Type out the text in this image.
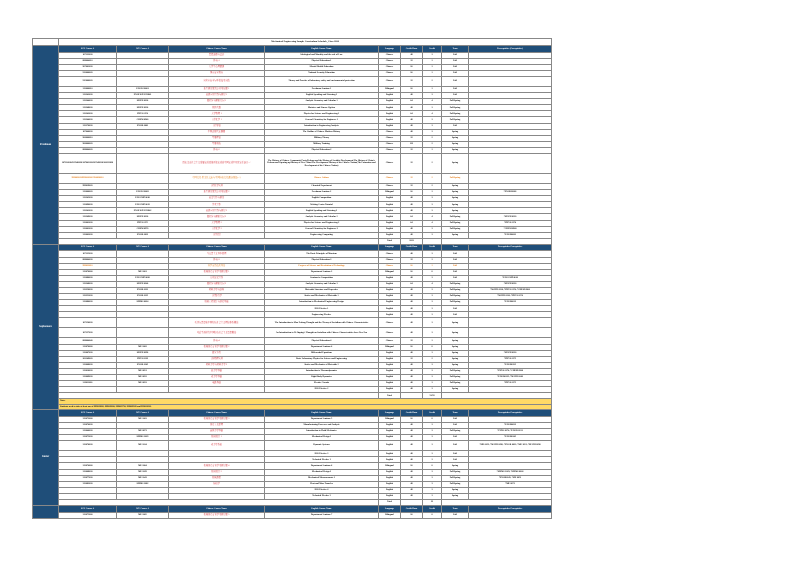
	Mechanical Engineering Sample Curriculum Schedule_Class 2024								
Freshman	SCU Course #	WU Course #	Chinese Course Name	English Course Name	Language	Credit Hour	Credit	Term	Prerequisites (Corequisites)
	107122030		思想道德与法治	Ideological and Morality and the rule of Law	Chinese	48	3	Fall	
	888004010		体育-1	Physical Education-1	Chinese	32	1	Fall	
	907001030		大学生心理健康	Mental Health Education	Chinese	16	1	Fall	
	912000020		国家安全教育	National Security Education	Chinese	16	1	Fall	
	915000020		实验室安全与环保技术实践	Theory and Practice of laboratory safety and environmental protection	Chinese	32	2	Fall	
	312000010	ENGR 30001	新生研讨课及专业导论课 1	Freshman Seminar 1	Bilingual	16	1	Fall	
	312342030	ENGLWP 8551861	英语应用写作与研讨 1	English Speaking and Listening 1	English	48	3	Fall	
	312344030	MATH 0230	微积分与解析几何 1	Analytic Geometry and Calculus 1	English	64	4	Fall/Spring	
	312348030	MATH 0230	线性代数	Matrices and Linear Algebra	English	48	3	Fall/Spring	
	312343030	PHYS 0174	大学物理 1	Physics for Science and Engineering 1	English	64	4	Fall/Spring	
	312346030	CHEM 0960	工程化学 1	General Chemistry for Engineers 1	English	48	3	Fall/Spring	
	312170030	ENGR 0001	工程导论	Introduction to Engineering Analysis	English	48	3	Fall	
	107040030		中国近现代史纲要	The Outline of Chinese Modern History	Chinese	48	3	Spring	
	900000010		军事理论	Military Theory	Chinese	32	2	Spring	
	900000020		军事训练	Military Training	Chinese	112	2	Spring	
	888004020		体育-2	Physical Education-2	Chinese	32	1	Spring	
	107116030/107040030/107041030/107042030/106111030		四史文史社会主义发展史或改革开放史或新中国史或中共党史任选其一	The History of Chinese Communist Party/Reform and the History of Socialist Development/The History of China's Reform and Opening-up/History of New China/The Development History of the Chinese Nation(The Formation and Development of the Chinese Nation)	Chinese	32	2	Spring	
	999002020/999002030/2704020010		中国文化·跨文化交流与中国传统文化通论(限选一)	Chinese Culture	Chinese	32	2	Fall/Spring	
	999019020		工程化学实验	Chemical Experiment	Chinese	32	2	Spring	
	312000020	ENGR 30002	新生研讨课及专业导论课 2	Freshman Seminar 2	Bilingual	16	1	Spring	*ENGR30001
	312345030	ENGCMP 0610	英文写作与研讨	English Composition	English	48	3	Spring	
	312090030	ENGCMP 0612	学术写作	Writing Center Tutorial	English	48	3	Spring	
	312341030	ENGLWP 8551862	英语应用写作与研讨 2	English Speaking and Listening 2	English	48	3	Spring	
	312349030	MATH 0230	微积分与解析几何 2	Analytic Geometry and Calculus 2	English	64	4	Fall/Spring	*MATH 0220
	312001030	PHYS 0175	大学物理 2	Physics for Science and Engineering 2	English	64	4	Fall/Spring	*PHYS 0174
	312001030	CHEM 0970	工程化学 2	General Chemistry for Engineers 2	English	48	3	Fall/Spring	*CHEM 0960
	312003030	ENGR 0012	工程设计	Engineering Computing	English	48	3	Spring	*ENGR0001
					Total	1013			
Sophomore	SCU Course #	WU Course #	Chinese Course Name	English Course Name	Language	Credit Hour	Credit	Term	Prerequisites/Corequisites
	107125030		马克思主义基本原理	The Basic Principles of Marxism	Chinese	48	3	Fall	
	888004030		体育-3	Physical Education-3	Chinese	32	1	Fall	
	999022010		科学前沿技术导论	Progress of Science and Revolution of Technology	Chinese	16	1	Fall	
	312070000	ME 1001	机械制造专业学术研讨课 1	Department Seminar 3	Bilingual	16	0	Fall	
	312080030	ENGCMP 0620	专业论文写作	Seminar in Composition	English	48	3	Fall	*ENGCMP 0610
	312348030	MATH 0240	微积分与解析几何 3	Analytic Geometry and Calculus 3	English	64	4	Fall/Spring	*MATH 0230
	312350030	ENGR 0131	材料力学与结构	Materials Structure and Properties	English	48	3	Fall/Spring	*MATH 0230, *PHYS 0174, *CHEM 0960
	312351030	ENGR 0135	工程静力学	Statics and Mechanics of Materials 1	English	48	3	Fall/Spring	*MATH 0230, *PHYS 0174
	312080030	MEMS 0024	机械工程设计与制造基础	Introduction to Mechanical Engineering Design	English	48	3	Fall/Spring	*ENGR0012
				HSS Elective 1	English	48	3	Fall	
				Engineering Elective	English	48	3	Fall	
	107156030		毛泽东思想和中国特色社会主义理论体系概论	The Introduction to Mao Zedong Thought and the Theory of Socialism with Chinese Characteristics	Chinese	48	3	Spring	
	107157030		习近平新时代中国特色社会主义思想概论	An Introduction to Xi Jinping's Thought on Socialism with Chinese Characteristics for a New Era	Chinese	48	3	Spring	
	888004040		体育-4	Physical Education-4	Chinese	32	1	Spring	
	312070000	ME 1002	机械制造专业学术研讨课 2	Department Seminar 4	Bilingual	16	0	Spring	
	312007030	MATH 0290	微分方程	Differential Equations	English	48	3	Spring	*MATH 0230
	202149020	PHYS 0219	工科物理实验	Basic Laboratory Physics for Science and Engineering	English	32	2	Spring	*PHYS 0175
	312008030	ENGR 0145	材料力学与材料力学 2	Statics and Mechanics of Materials 2	English	48	3	Spring	*ENGR0135
	312010030	ME 0051	热力学基础	Introduction to Thermodynamics	English	48	3	Fall/Spring	*PHYS 0174, *CHEM 0960
	312009030	ME 0052	动力学基础	Rigid-Body Dynamics	English	48	3	Fall/Spring	*ENGR0135, *MATH 0240
	312011030	ME 0053	电路基础	Electric Circuits	English	48	3	Fall/Spring	*PHYS 0175
				HSS Elective 2	English	48	3	Spring	
					Total		53/59		
	Notes								
	Students need to take at least one of 999009820, 999009826, 999009758, 999009928 and 999011830.								
Junior	SCU Course #	WU Course #	Chinese Course Name	English Course Name	Language	Credit Hour	Credit	Term	Prerequisites/Corequisites
	312073000	ME 1003	机械制造专业学术研讨课 3	Department Seminar 5	Bilingual	16	0	Fall	
	312074030		制造工艺原理	Manufacturing Processes and Analysis	English	48	3	Fall	*ENGR0022
	312040030	ME 0071	流体力学基础	Introduction to Fluid Mechanics	English	48	3	Fall/Spring	*PHYS 0174, *ENGR 0131
	312075030	MEMS 1029	机械设计 1	Mechanical Design 1	English	48	3	Fall	*ENGR0145
	312076030	ME 1014	动力学系统	Dynamic Systems	English	48	3	Fall	*ME 0052, *MATH 0290, *ENGR 0022, *ME 1051, *MATH 0290
				HSS Elective 3	English	48	3	Fall	
				Technical Elective 1	English	48	3	Fall	
	312074000	ME 1004	机械制造专业学术研讨课 4	Department Seminar 6	Bilingual	16	0	Spring	
	312008030	ME 1029	机械设计 2	Mechanical Design 2	English	48	3	Fall/Spring	*MEMS 1029, *MEMS 0024
	312077030	ME 1041	机械测量	Mechanical Measurements 1	English	48	3	Fall/Spring	*ENGR0145, *ME 0051
	312082030	MEMS 1082	传热学	Heat and Mass Transfer	English	48	3	Fall/Spring	*ME 0071
				HSS Elective 4	English	48	3	Spring	
				Technical Elective 2	English	48	3	Spring	
					Total		33		
	SCU Course #	WU Course #	Chinese Course Name	English Course Name	Language	Credit Hour	Credit	Term	Prerequisites/Corequisites
	312075000	ME 1005	机械制造专业学术研讨课 5	Department Seminar 7	Bilingual	16	0	Fall	
